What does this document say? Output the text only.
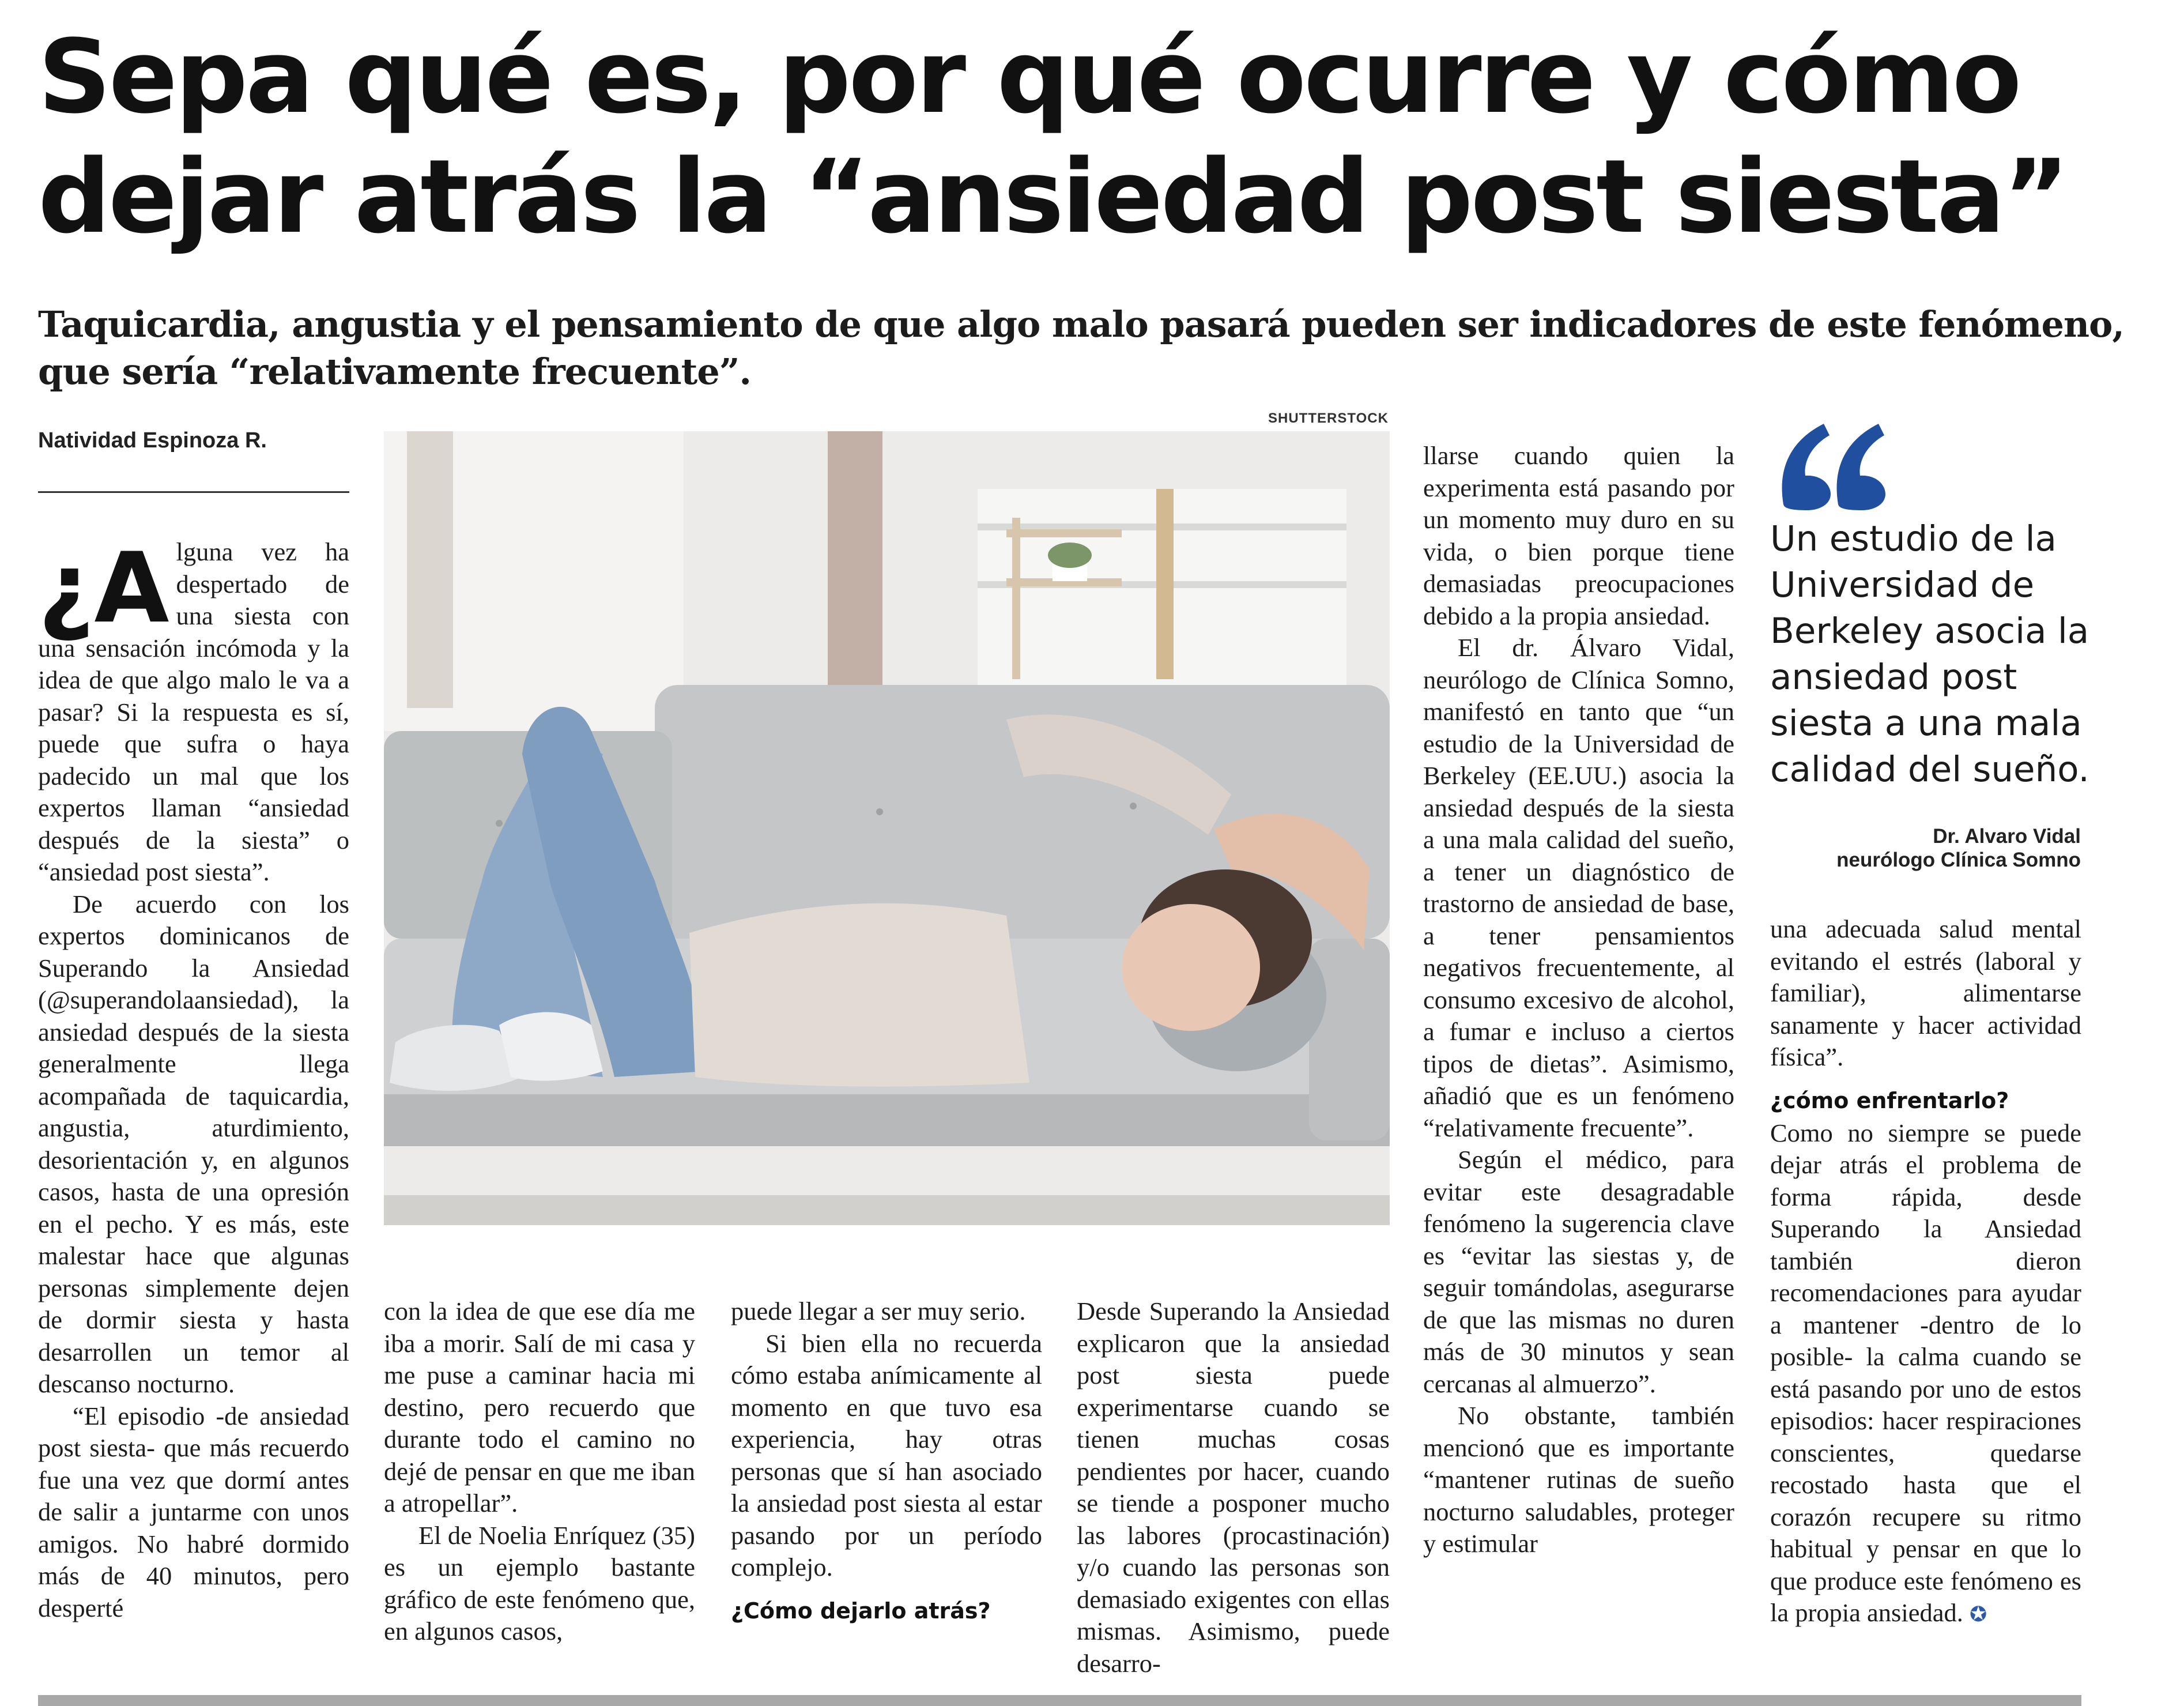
Sepa qué es, por qué ocurre y cómo dejar atrás la “ansiedad post siesta”

Taquicardia, angustia y el pensamiento de que algo malo pasará pueden ser indicadores de este fenómeno, que sería “relativamente frecuente”.

Natividad Espinoza R.
SHUTTERSTOCK

¿A lguna vez ha despertado de una siesta con una sensación incómoda y la idea de que algo malo le va a pasar? Si la respuesta es sí, puede que sufra o haya padecido un mal que los expertos llaman “ansiedad después de la siesta” o “ansiedad post siesta”.

De acuerdo con los expertos dominicanos de Superando la Ansiedad (@superandolaansiedad), la ansiedad después de la siesta generalmente llega acompañada de taquicardia, angustia, aturdimiento, desorientación y, en algunos casos, hasta de una opresión en el pecho. Y es más, este malestar hace que algunas personas simplemente dejen de dormir siesta y hasta desarrollen un temor al descanso nocturno.

“El episodio -de ansiedad post siesta- que más recuerdo fue una vez que dormí antes de salir a juntarme con unos amigos. No habré dormido más de 40 minutos, pero desperté

con la idea de que ese día me iba a morir. Salí de mi casa y me puse a caminar hacia mi destino, pero recuerdo que durante todo el camino no dejé de pensar en que me iban a atropellar”.

El de Noelia Enríquez (35) es un ejemplo bastante gráfico de este fenómeno que, en algunos casos,

puede llegar a ser muy serio.

Si bien ella no recuerda cómo estaba anímicamente al momento en que tuvo esa experiencia, hay otras personas que sí han asociado la ansiedad post siesta al estar pasando por un período complejo.

¿Cómo dejarlo atrás?

Desde Superando la Ansiedad explicaron que la ansiedad post siesta puede experimentarse cuando se tienen muchas cosas pendientes por hacer, cuando se tiende a posponer mucho las labores (procastinación) y/o cuando las personas son demasiado exigentes con ellas mismas. Asimismo, puede desarro-

llarse cuando quien la experimenta está pasando por un momento muy duro en su vida, o bien porque tiene demasiadas preocupaciones debido a la propia ansiedad.

El dr. Álvaro Vidal, neurólogo de Clínica Somno, manifestó en tanto que “un estudio de la Universidad de Berkeley (EE.UU.) asocia la ansiedad después de la siesta a una mala calidad del sueño, a tener un diagnóstico de trastorno de ansiedad de base, a tener pensamientos negativos frecuentemente, al consumo excesivo de alcohol, a fumar e incluso a ciertos tipos de dietas”. Asimismo, añadió que es un fenómeno “relativamente frecuente”.

Según el médico, para evitar este desagradable fenómeno la sugerencia clave es “evitar las siestas y, de seguir tomándolas, asegurarse de que las mismas no duren más de 30 minutos y sean cercanas al almuerzo”.

No obstante, también mencionó que es importante “mantener rutinas de sueño nocturno saludables, proteger y estimular

Un estudio de la Universidad de Berkeley asocia la ansiedad post siesta a una mala calidad del sueño.

Dr. Alvaro Vidal
neurólogo Clínica Somno

una adecuada salud mental evitando el estrés (laboral y familiar), alimentarse sanamente y hacer actividad física”.

¿cómo enfrentarlo?

Como no siempre se puede dejar atrás el problema de forma rápida, desde Superando la Ansiedad también dieron recomendaciones para ayudar a mantener -dentro de lo posible- la calma cuando se está pasando por uno de estos episodios: hacer respiraciones conscientes, quedarse recostado hasta que el corazón recupere su ritmo habitual y pensar en que lo que produce este fenómeno es la propia ansiedad. ✪
